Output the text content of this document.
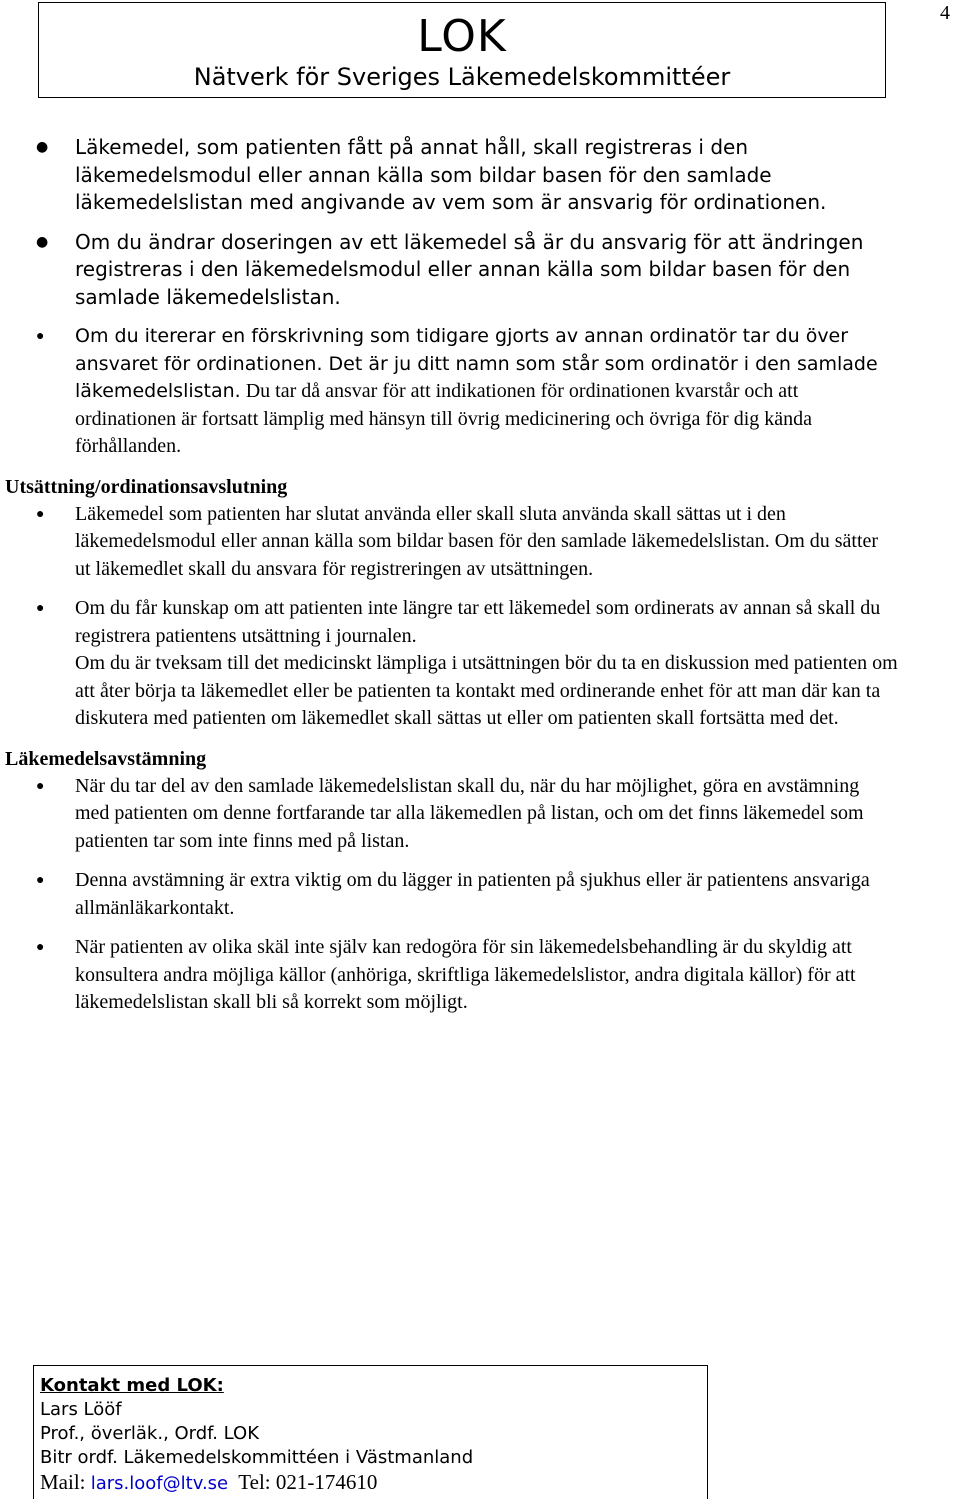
4
LOK
Nätverk för Sveriges Läkemedelskommittéer
● Läkemedel, som patienten fått på annat håll, skall registreras i den läkemedelsmodul eller annan källa som bildar basen för den samlade läkemedelslistan med angivande av vem som är ansvarig för ordinationen.
● Om du ändrar doseringen av ett läkemedel så är du ansvarig för att ändringen registreras i den läkemedelsmodul eller annan källa som bildar basen för den samlade läkemedelslistan.
● Om du itererar en förskrivning som tidigare gjorts av annan ordinatör tar du över ansvaret för ordinationen. Det är ju ditt namn som står som ordinatör i den samlade läkemedelslistan. Du tar då ansvar för att indikationen för ordinationen kvarstår och att ordinationen är fortsatt lämplig med hänsyn till övrig medicinering och övriga för dig kända förhållanden.
Utsättning/ordinationsavslutning
● Läkemedel som patienten har slutat använda eller skall sluta använda skall sättas ut i den läkemedelsmodul eller annan källa som bildar basen för den samlade läkemedelslistan. Om du sätter ut läkemedlet skall du ansvara för registreringen av utsättningen.
● Om du får kunskap om att patienten inte längre tar ett läkemedel som ordinerats av annan så skall du registrera patientens utsättning i journalen.
Om du är tveksam till det medicinskt lämpliga i utsättningen bör du ta en diskussion med patienten om att åter börja ta läkemedlet eller be patienten ta kontakt med ordinerande enhet för att man där kan ta diskutera med patienten om läkemedlet skall sättas ut eller om patienten skall fortsätta med det.
Läkemedelsavstämning
● När du tar del av den samlade läkemedelslistan skall du, när du har möjlighet, göra en avstämning med patienten om denne fortfarande tar alla läkemedlen på listan, och om det finns läkemedel som patienten tar som inte finns med på listan.
● Denna avstämning är extra viktig om du lägger in patienten på sjukhus eller är patientens ansvariga allmänläkarkontakt.
● När patienten av olika skäl inte själv kan redogöra för sin läkemedelsbehandling är du skyldig att konsultera andra möjliga källor (anhöriga, skriftliga läkemedelslistor, andra digitala källor) för att läkemedelslistan skall bli så korrekt som möjligt.
Kontakt med LOK:
Lars Lööf
Prof., överläk., Ordf. LOK
Bitr ordf. Läkemedelskommittéen i Västmanland
Mail: lars.loof@ltv.se  Tel: 021-174610
